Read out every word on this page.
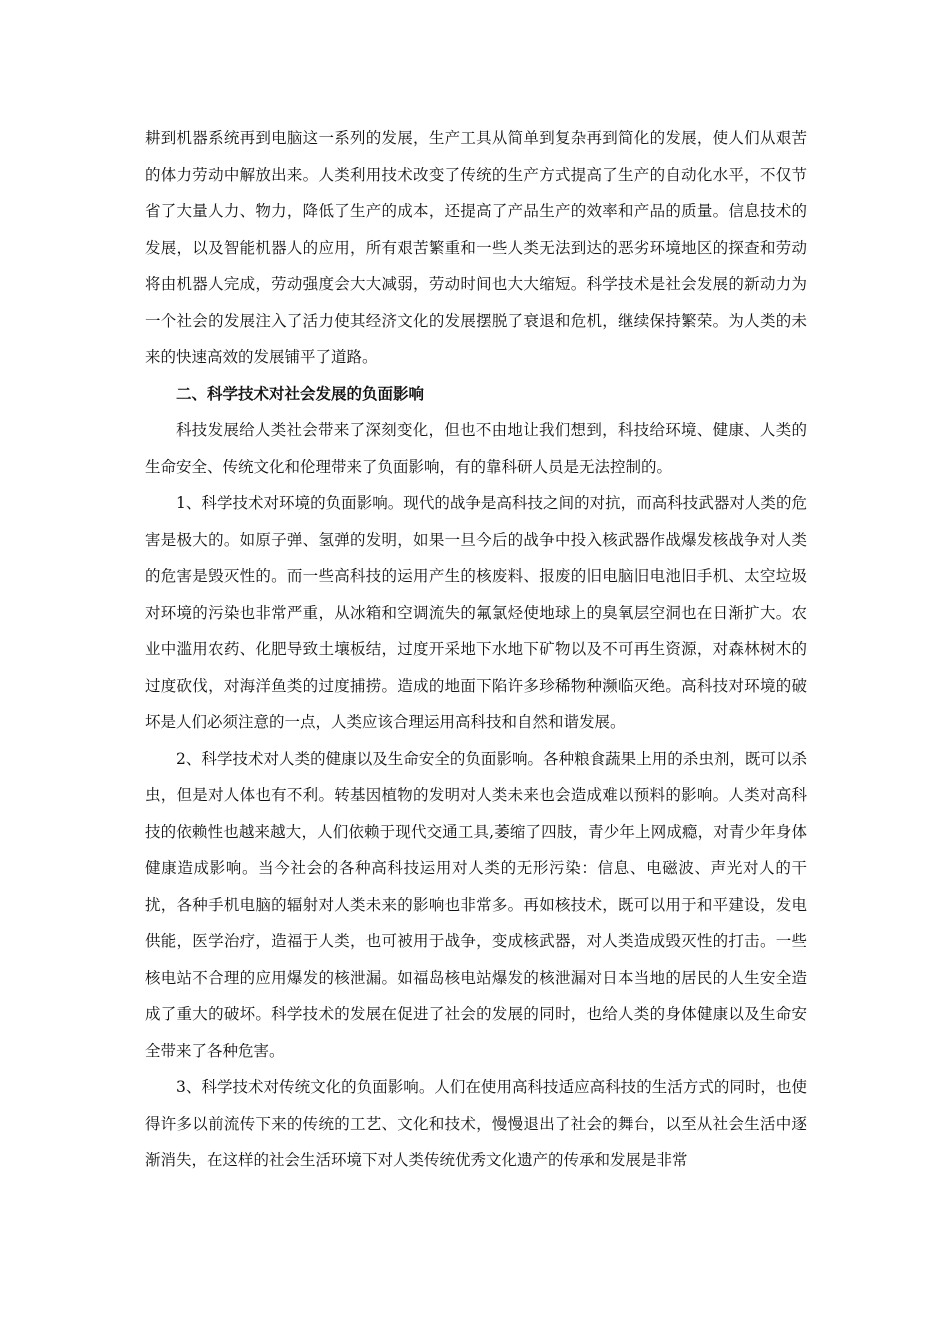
耕到机器系统再到电脑这一系列的发展，生产工具从简单到复杂再到简化的发展，使人们从艰苦的体力劳动中解放出来。人类利用技术改变了传统的生产方式提高了生产的自动化水平，不仅节省了大量人力、物力，降低了生产的成本，还提高了产品生产的效率和产品的质量。信息技术的发展，以及智能机器人的应用，所有艰苦繁重和一些人类无法到达的恶劣环境地区的探查和劳动将由机器人完成，劳动强度会大大减弱，劳动时间也大大缩短。科学技术是社会发展的新动力为一个社会的发展注入了活力使其经济文化的发展摆脱了衰退和危机，继续保持繁荣。为人类的未来的快速高效的发展铺平了道路。

二、科学技术对社会发展的负面影响

科技发展给人类社会带来了深刻变化，但也不由地让我们想到，科技给环境、健康、人类的生命安全、传统文化和伦理带来了负面影响，有的靠科研人员是无法控制的。

1、科学技术对环境的负面影响。现代的战争是高科技之间的对抗，而高科技武器对人类的危害是极大的。如原子弹、氢弹的发明，如果一旦今后的战争中投入核武器作战爆发核战争对人类的危害是毁灭性的。而一些高科技的运用产生的核废料、报废的旧电脑旧电池旧手机、太空垃圾对环境的污染也非常严重，从冰箱和空调流失的氟氯烃使地球上的臭氧层空洞也在日渐扩大。农业中滥用农药、化肥导致土壤板结，过度开采地下水地下矿物以及不可再生资源，对森林树木的过度砍伐，对海洋鱼类的过度捕捞。造成的地面下陷许多珍稀物种濒临灭绝。高科技对环境的破坏是人们必须注意的一点，人类应该合理运用高科技和自然和谐发展。

2、科学技术对人类的健康以及生命安全的负面影响。各种粮食蔬果上用的杀虫剂，既可以杀虫，但是对人体也有不利。转基因植物的发明对人类未来也会造成难以预料的影响。人类对高科技的依赖性也越来越大，人们依赖于现代交通工具,萎缩了四肢，青少年上网成瘾，对青少年身体健康造成影响。当今社会的各种高科技运用对人类的无形污染：信息、电磁波、声光对人的干扰，各种手机电脑的辐射对人类未来的影响也非常多。再如核技术，既可以用于和平建设，发电供能，医学治疗，造福于人类，也可被用于战争，变成核武器，对人类造成毁灭性的打击。一些核电站不合理的应用爆发的核泄漏。如福岛核电站爆发的核泄漏对日本当地的居民的人生安全造成了重大的破坏。科学技术的发展在促进了社会的发展的同时，也给人类的身体健康以及生命安全带来了各种危害。

3、科学技术对传统文化的负面影响。人们在使用高科技适应高科技的生活方式的同时，也使得许多以前流传下来的传统的工艺、文化和技术，慢慢退出了社会的舞台，以至从社会生活中逐渐消失，在这样的社会生活环境下对人类传统优秀文化遗产的传承和发展是非常
